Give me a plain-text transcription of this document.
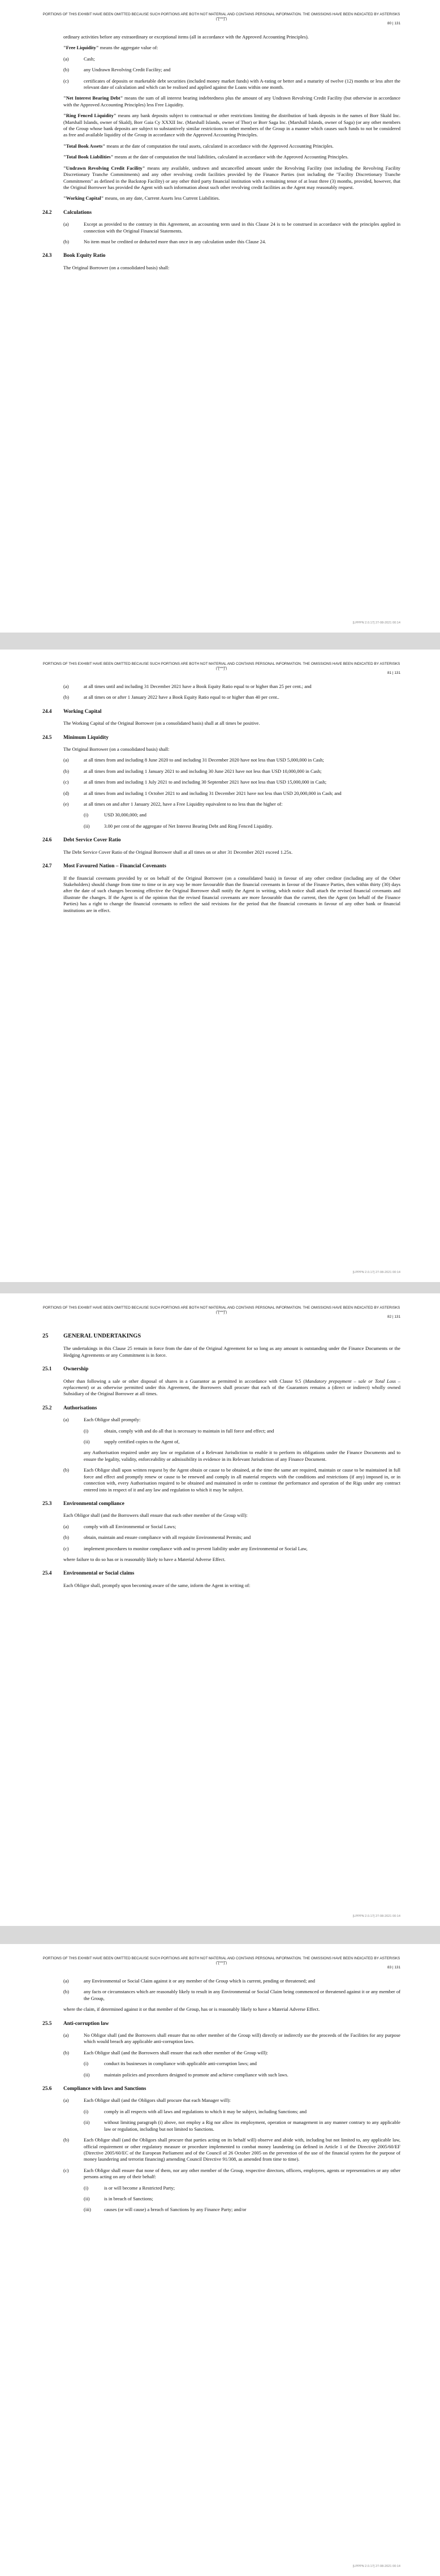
PORTIONS OF THIS EXHIBIT HAVE BEEN OMITTED BECAUSE SUCH PORTIONS ARE BOTH NOT MATERIAL AND CONTAINS PERSONAL INFORMATION. THE OMISSIONS HAVE BEEN INDICATED BY ASTERISKS ("[***]")
80 | 131

ordinary activities before any extraordinary or exceptional items (all in accordance with the Approved Accounting Principles).

"Free Liquidity" means the aggregate value of:

(a)	Cash;
(b)	any Undrawn Revolving Credit Facility; and
(c)	certificates of deposits or marketable debt securities (included money market funds) with A-rating or better and a maturity of twelve (12) months or less after the relevant date of calculation and which can be realised and applied against the Loans within one month.

"Net Interest Bearing Debt" means the sum of all interest bearing indebtedness plus the amount of any Undrawn Revolving Credit Facility (but otherwise in accordance with the Approved Accounting Principles) less Free Liquidity.

"Ring Fenced Liquidity" means any bank deposits subject to contractual or other restrictions limiting the distribution of bank deposits in the names of Borr Skald Inc. (Marshall Islands, owner of Skald), Borr Gaia Cy XXXII Inc. (Marshall Islands, owner of Thor) or Borr Saga Inc. (Marshall Islands, owner of Saga) (or any other members of the Group whose bank deposits are subject to substantively similar restrictions to other members of the Group in a manner which causes such funds to not be considered as free and available liquidity of the Group in accordance with the Approved Accounting Principles.

"Total Book Assets" means at the date of computation the total assets, calculated in accordance with the Approved Accounting Principles.

"Total Book Liabilities" means at the date of computation the total liabilities, calculated in accordance with the Approved Accounting Principles.

"Undrawn Revolving Credit Facility" means any available, undrawn and uncancelled amount under the Revolving Facility (not including the Revolving Facility Discretionary Tranche Commitments) and any other revolving credit facilities provided by the Finance Parties (not including the "Facility Discretionary Tranche Commitments" as defined in the Backstop Facility) or any other third party financial institution with a remaining tenor of at least three (3) months, provided, however, that the Original Borrower has provided the Agent with such information about such other revolving credit facilities as the Agent may reasonably request.

"Working Capital" means, on any date, Current Assets less Current Liabilities.

24.2	Calculations
(a)	Except as provided to the contrary in this Agreement, an accounting term used in this Clause 24 is to be construed in accordance with the principles applied in connection with the Original Financial Statements.
(b)	No item must be credited or deducted more than once in any calculation under this Clause 24.
24.3	Book Equity Ratio

The Original Borrower (on a consolidated basis) shall:

[LPPPN 2.0.17] 27-08-2021 00:14
PORTIONS OF THIS EXHIBIT HAVE BEEN OMITTED BECAUSE SUCH PORTIONS ARE BOTH NOT MATERIAL AND CONTAINS PERSONAL INFORMATION. THE OMISSIONS HAVE BEEN INDICATED BY ASTERISKS ("[***]")
81 | 131
(a)	at all times until and including 31 December 2021 have a Book Equity Ratio equal to or higher than 25 per cent.; and
(b)	at all times on or after 1 January 2022 have a Book Equity Ratio equal to or higher than 40 per cent..
24.4	Working Capital

The Working Capital of the Original Borrower (on a consolidated basis) shall at all times be positive.

24.5	Minimum Liquidity

The Original Borrower (on a consolidated basis) shall:

(a)	at all times from and including 8 June 2020 to and including 31 December 2020 have not less than USD 5,000,000 in Cash;
(b)	at all times from and including 1 January 2021 to and including 30 June 2021 have not less than USD 10,000,000 in Cash;
(c)	at all times from and including 1 July 2021 to and including 30 September 2021 have not less than USD 15,000,000 in Cash;
(d)	at all times from and including 1 October 2021 to and including 31 December 2021 have not less than USD 20,000,000 in Cash; and
(e)	at all times on and after 1 January 2022, have a Free Liquidity equivalent to no less than the higher of:
(i)	USD 30,000,000; and
(ii)	3.00 per cent of the aggregate of Net Interest Bearing Debt and Ring Fenced Liquidity.
24.6	Debt Service Cover Ratio

The Debt Service Cover Ratio of the Original Borrower shall at all times on or after 31 December 2021 exceed 1.25x.

24.7	Most Favoured Nation – Financial Covenants

If the financial covenants provided by or on behalf of the Original Borrower (on a consolidated basis) in favour of any other creditor (including any of the Other Stakeholders) should change from time to time or in any way be more favourable than the financial covenants in favour of the Finance Parties, then within thirty (30) days after the date of such changes becoming effective the Original Borrower shall notify the Agent in writing, which notice shall attach the revised financial covenants and illustrate the changes. If the Agent is of the opinion that the revised financial covenants are more favourable than the current, then the Agent (on behalf of the Finance Parties) has a right to change the financial covenants to reflect the said revisions for the period that the financial covenants in favour of any other bank or financial institutions are in effect.

[LPPPN 2.0.17] 27-08-2021 00:14
PORTIONS OF THIS EXHIBIT HAVE BEEN OMITTED BECAUSE SUCH PORTIONS ARE BOTH NOT MATERIAL AND CONTAINS PERSONAL INFORMATION. THE OMISSIONS HAVE BEEN INDICATED BY ASTERISKS ("[***]")
82 | 131
25	GENERAL UNDERTAKINGS

The undertakings in this Clause 25 remain in force from the date of the Original Agreement for so long as any amount is outstanding under the Finance Documents or the Hedging Agreements or any Commitment is in force.

25.1	Ownership

Other than following a sale or other disposal of shares in a Guarantor as permitted in accordance with Clause 9.5 (Mandatory prepayment – sale or Total Loss – replacement) or as otherwise permitted under this Agreement, the Borrowers shall procure that each of the Guarantors remains a (direct or indirect) wholly owned Subsidiary of the Original Borrower at all times.

25.2	Authorisations
(a)	Each Obligor shall promptly:
(i)	obtain, comply with and do all that is necessary to maintain in full force and effect; and
(ii)	supply certified copies to the Agent of,

any Authorisation required under any law or regulation of a Relevant Jurisdiction to enable it to perform its obligations under the Finance Documents and to ensure the legality, validity, enforceability or admissibility in evidence in its Relevant Jurisdiction of any Finance Document.

(b)	Each Obligor shall upon written request by the Agent obtain or cause to be obtained, at the time the same are required, maintain or cause to be maintained in full force and effect and promptly renew or cause to be renewed and comply in all material respects with the conditions and restrictions (if any) imposed in, or in connection with, every Authorisation required to be obtained and maintained in order to continue the performance and operation of the Rigs under any contract entered into in respect of it and any law and regulation to which it may be subject.
25.3	Environmental compliance

Each Obligor shall (and the Borrowers shall ensure that each other member of the Group will):

(a)	comply with all Environmental or Social Laws;
(b)	obtain, maintain and ensure compliance with all requisite Environmental Permits; and
(c)	implement procedures to monitor compliance with and to prevent liability under any Environmental or Social Law,

where failure to do so has or is reasonably likely to have a Material Adverse Effect.

25.4	Environmental or Social claims

Each Obligor shall, promptly upon becoming aware of the same, inform the Agent in writing of:

[LPPPN 2.0.17] 27-08-2021 00:14
PORTIONS OF THIS EXHIBIT HAVE BEEN OMITTED BECAUSE SUCH PORTIONS ARE BOTH NOT MATERIAL AND CONTAINS PERSONAL INFORMATION. THE OMISSIONS HAVE BEEN INDICATED BY ASTERISKS ("[***]")
83 | 131
(a)	any Environmental or Social Claim against it or any member of the Group which is current, pending or threatened; and
(b)	any facts or circumstances which are reasonably likely to result in any Environmental or Social Claim being commenced or threatened against it or any member of the Group,

where the claim, if determined against it or that member of the Group, has or is reasonably likely to have a Material Adverse Effect.

25.5	Anti-corruption law
(a)	No Obligor shall (and the Borrowers shall ensure that no other member of the Group will) directly or indirectly use the proceeds of the Facilities for any purpose which would breach any applicable anti-corruption laws.
(b)	Each Obligor shall (and the Borrowers shall ensure that each other member of the Group will):
(i)	conduct its businesses in compliance with applicable anti-corruption laws; and
(ii)	maintain policies and procedures designed to promote and achieve compliance with such laws.
25.6	Compliance with laws and Sanctions
(a)	Each Obligor shall (and the Obligors shall procure that each Manager will):
(i)	comply in all respects with all laws and regulations to which it may be subject, including Sanctions; and
(ii)	without limiting paragraph (i) above, not employ a Rig nor allow its employment, operation or management in any manner contrary to any applicable law or regulation, including but not limited to Sanctions.
(b)	Each Obligor shall (and the Obligors shall procure that parties acting on its behalf will) observe and abide with, including but not limited to, any applicable law, official requirement or other regulatory measure or procedure implemented to combat money laundering (as defined in Article 1 of the Directive 2005/60/EF (Directive 2005/60/EC of the European Parliament and of the Council of 26 October 2005 on the prevention of the use of the financial system for the purpose of money laundering and terrorist financing) amending Council Directive 91/308, as amended from time to time).
(c)	Each Obligor shall ensure that none of them, nor any other member of the Group, respective directors, officers, employees, agents or representatives or any other persons acting on any of their behalf:
(i)	is or will become a Restricted Party;
(ii)	is in breach of Sanctions;
(iii)	causes (or will cause) a breach of Sanctions by any Finance Party; and/or
[LPPPN 2.0.17] 27-08-2021 00:14
